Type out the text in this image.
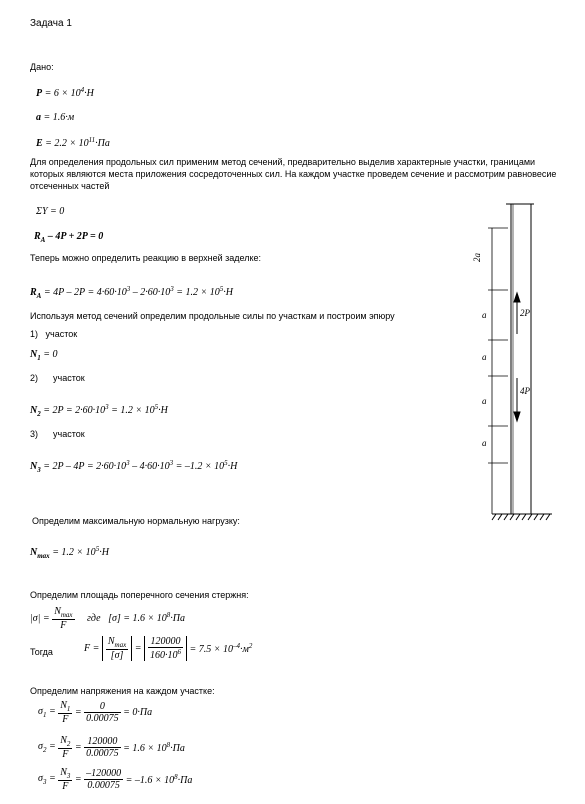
Задача 1
Дано:
$P = 6 \times 10^4\cdot Н$
a = 1.6·м
$E = 2.2 \times 10^{11}\cdot Па$
Для определения продольных сил применим метод сечений, предварительно выделив характерные участки, границами которых являются места приложения сосредоточенных сил. На каждом участке проведем сечение и рассмотрим равновесие отсеченных частей
ΣY = 0
$R_A - 4P + 2P = 0$
Теперь можно определить реакцию в верхней заделке:
$R_A = 4P - 2P = 4\cdot 60\cdot 10^3 - 2\cdot 60\cdot 10^3 = 1.2 \times 10^5\cdot Н$
Используя метод сечений определим продольные силы по участкам и построим эпюру
1) участок
$N_1 = 0$
2) участок
$N_2 = 2P = 2\cdot 60\cdot 10^3 = 1.2 \times 10^5\cdot Н$
3) участок
$N_3 = 2P - 4P = 2\cdot 60\cdot 10^3 - 4\cdot 60\cdot 10^3 = -1.2 \times 10^5\cdot Н$
Определим максимальную нормальную нагрузку:
$N_{max} = 1.2 \times 10^5\cdot Н$
Определим площадь поперечного сечения стержня:
$|\sigma| = \frac{N_{max}}{F}$ где   $[\sigma] = 1.6 \times 10^8\cdot Па$
Тогда	$F = \frac{N_{max}}{[\sigma]} = \frac{120000}{160\cdot 10^6} = 7.5 \times 10^{-4}\cdot м^2$
Определим напряжения на каждом участке:
$\sigma_1 = \frac{N_1}{F} = \frac{0}{0.00075} = 0\cdot Па$
$\sigma_2 = \frac{N_2}{F} = \frac{120000}{0.00075} = 1.6 \times 10^8\cdot Па$
$\sigma_3 = \frac{N_3}{F} = \frac{-120000}{0.00075} = -1.6 \times 10^8\cdot Па$
2a
a
a
a
a
2P
4P
